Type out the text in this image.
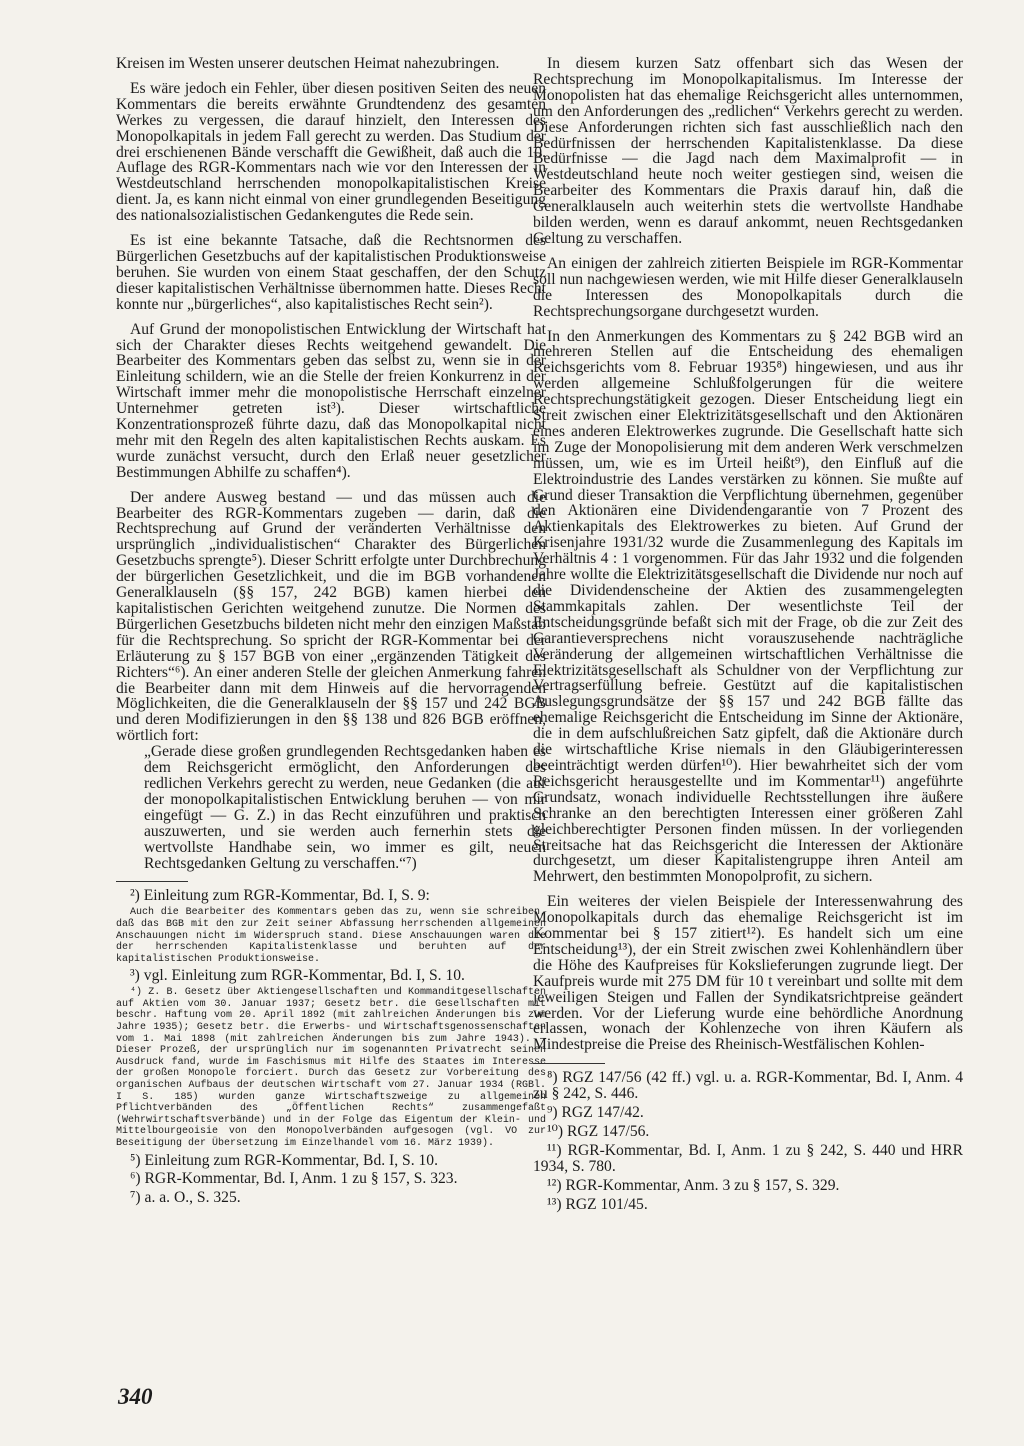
Kreisen im Westen unserer deutschen Heimat nahezubringen.

Es wäre jedoch ein Fehler, über diesen positiven Seiten des neuen Kommentars die bereits erwähnte Grundtendenz des gesamten Werkes zu vergessen, die darauf hinzielt, den Interessen des Monopolkapitals in jedem Fall gerecht zu werden. Das Studium der drei erschienenen Bände verschafft die Gewißheit, daß auch die 10. Auflage des RGR-Kommentars nach wie vor den Interessen der in Westdeutschland herrschenden monopolkapitalistischen Kreise dient. Ja, es kann nicht einmal von einer grundlegenden Beseitigung des nationalsozialistischen Gedankengutes die Rede sein.

Es ist eine bekannte Tatsache, daß die Rechtsnormen des Bürgerlichen Gesetzbuchs auf der kapitalistischen Produktionsweise beruhen. Sie wurden von einem Staat geschaffen, der den Schutz dieser kapitalistischen Verhältnisse übernommen hatte. Dieses Recht konnte nur „bürgerliches“, also kapitalistisches Recht sein²).

Auf Grund der monopolistischen Entwicklung der Wirtschaft hat sich der Charakter dieses Rechts weitgehend gewandelt. Die Bearbeiter des Kommentars geben das selbst zu, wenn sie in der Einleitung schildern, wie an die Stelle der freien Konkurrenz in der Wirtschaft immer mehr die monopolistische Herrschaft einzelner Unternehmer getreten ist³). Dieser wirtschaftliche Konzentrationsprozeß führte dazu, daß das Monopolkapital nicht mehr mit den Regeln des alten kapitalistischen Rechts auskam. Es wurde zunächst versucht, durch den Erlaß neuer gesetzlicher Bestimmungen Abhilfe zu schaffen⁴).

Der andere Ausweg bestand — und das müssen auch die Bearbeiter des RGR-Kommentars zugeben — darin, daß die Rechtsprechung auf Grund der veränderten Verhältnisse den ursprünglich „individualistischen“ Charakter des Bürgerlichen Gesetzbuchs sprengte⁵). Dieser Schritt erfolgte unter Durchbrechung der bürgerlichen Gesetzlichkeit, und die im BGB vorhandenen Generalklauseln (§§ 157, 242 BGB) kamen hierbei den kapitalistischen Gerichten weitgehend zunutze. Die Normen des Bürgerlichen Gesetzbuchs bildeten nicht mehr den einzigen Maßstab für die Rechtsprechung. So spricht der RGR-Kommentar bei der Erläuterung zu § 157 BGB von einer „ergänzenden Tätigkeit des Richters“⁶). An einer anderen Stelle der gleichen Anmerkung fahren die Bearbeiter dann mit dem Hinweis auf die hervorragenden Möglichkeiten, die die Generalklauseln der §§ 157 und 242 BGB und deren Modifizierungen in den §§ 138 und 826 BGB eröffnen, wörtlich fort:

„Gerade diese großen grundlegenden Rechtsgedanken haben es dem Reichsgericht ermöglicht, den Anforderungen des redlichen Verkehrs gerecht zu werden, neue Gedanken (die auf der monopolkapitalistischen Entwicklung beruhen — von mir eingefügt — G. Z.) in das Recht einzuführen und praktisch auszuwerten, und sie werden auch fernerhin stets die wertvollste Handhabe sein, wo immer es gilt, neuen Rechtsgedanken Geltung zu verschaffen.“⁷)

²) Einleitung zum RGR-Kommentar, Bd. I, S. 9:

Auch die Bearbeiter des Kommentars geben das zu, wenn sie schreiben, daß das BGB mit den zur Zeit seiner Abfassung herrschenden allgemeinen Anschauungen nicht im Widerspruch stand. Diese Anschauungen waren die der herrschenden Kapitalistenklasse und beruhten auf der kapitalistischen Produktionsweise.

³) vgl. Einleitung zum RGR-Kommentar, Bd. I, S. 10.

⁴) Z. B. Gesetz über Aktiengesellschaften und Kommanditgesellschaften auf Aktien vom 30. Januar 1937; Gesetz betr. die Gesellschaften mit beschr. Haftung vom 20. April 1892 (mit zahlreichen Änderungen bis zum Jahre 1935); Gesetz betr. die Erwerbs- und Wirtschaftsgenossenschaften vom 1. Mai 1898 (mit zahlreichen Änderungen bis zum Jahre 1943). — Dieser Prozeß, der ursprünglich nur im sogenannten Privatrecht seinen Ausdruck fand, wurde im Faschismus mit Hilfe des Staates im Interesse der großen Monopole forciert. Durch das Gesetz zur Vorbereitung des organischen Aufbaus der deutschen Wirtschaft vom 27. Januar 1934 (RGBl. I S. 185) wurden ganze Wirtschaftszweige zu allgemeinen Pflichtverbänden des „Öffentlichen Rechts“ zusammengefaßt (Wehrwirtschaftsverbände) und in der Folge das Eigentum der Klein- und Mittelbourgeoisie von den Monopolverbänden aufgesogen (vgl. VO zur Beseitigung der Übersetzung im Einzelhandel vom 16. März 1939).

⁵) Einleitung zum RGR-Kommentar, Bd. I, S. 10.

⁶) RGR-Kommentar, Bd. I, Anm. 1 zu § 157, S. 323.

⁷) a. a. O., S. 325.

In diesem kurzen Satz offenbart sich das Wesen der Rechtsprechung im Monopolkapitalismus. Im Interesse der Monopolisten hat das ehemalige Reichsgericht alles unternommen, um den Anforderungen des „redlichen“ Verkehrs gerecht zu werden. Diese Anforderungen richten sich fast ausschließlich nach den Bedürfnissen der herrschenden Kapitalistenklasse. Da diese Bedürfnisse — die Jagd nach dem Maximalprofit — in Westdeutschland heute noch weiter gestiegen sind, weisen die Bearbeiter des Kommentars die Praxis darauf hin, daß die Generalklauseln auch weiterhin stets die wertvollste Handhabe bilden werden, wenn es darauf ankommt, neuen Rechtsgedanken Geltung zu verschaffen.

An einigen der zahlreich zitierten Beispiele im RGR-Kommentar soll nun nachgewiesen werden, wie mit Hilfe dieser Generalklauseln die Interessen des Monopolkapitals durch die Rechtsprechungsorgane durchgesetzt wurden.

In den Anmerkungen des Kommentars zu § 242 BGB wird an mehreren Stellen auf die Entscheidung des ehemaligen Reichsgerichts vom 8. Februar 1935⁸) hingewiesen, und aus ihr werden allgemeine Schlußfolgerungen für die weitere Rechtsprechungstätigkeit gezogen. Dieser Entscheidung liegt ein Streit zwischen einer Elektrizitätsgesellschaft und den Aktionären eines anderen Elektrowerkes zugrunde. Die Gesellschaft hatte sich im Zuge der Monopolisierung mit dem anderen Werk verschmelzen müssen, um, wie es im Urteil heißt⁹), den Einfluß auf die Elektroindustrie des Landes verstärken zu können. Sie mußte auf Grund dieser Transaktion die Verpflichtung übernehmen, gegenüber den Aktionären eine Dividendengarantie von 7 Prozent des Aktienkapitals des Elektrowerkes zu bieten. Auf Grund der Krisenjahre 1931/32 wurde die Zusammenlegung des Kapitals im Verhältnis 4 : 1 vorgenommen. Für das Jahr 1932 und die folgenden Jahre wollte die Elektrizitätsgesellschaft die Dividende nur noch auf die Dividendenscheine der Aktien des zusammengelegten Stammkapitals zahlen. Der wesentlichste Teil der Entscheidungsgründe befaßt sich mit der Frage, ob die zur Zeit des Garantieversprechens nicht vorauszusehende nachträgliche Veränderung der allgemeinen wirtschaftlichen Verhältnisse die Elektrizitätsgesellschaft als Schuldner von der Verpflichtung zur Vertragserfüllung befreie. Gestützt auf die kapitalistischen Auslegungsgrundsätze der §§ 157 und 242 BGB fällte das ehemalige Reichsgericht die Entscheidung im Sinne der Aktionäre, die in dem aufschlußreichen Satz gipfelt, daß die Aktionäre durch die wirtschaftliche Krise niemals in den Gläubigerinteressen beeinträchtigt werden dürfen¹⁰). Hier bewahrheitet sich der vom Reichsgericht herausgestellte und im Kommentar¹¹) angeführte Grundsatz, wonach individuelle Rechtsstellungen ihre äußere Schranke an den berechtigten Interessen einer größeren Zahl gleichberechtigter Personen finden müssen. In der vorliegenden Streitsache hat das Reichsgericht die Interessen der Aktionäre durchgesetzt, um dieser Kapitalistengruppe ihren Anteil am Mehrwert, den bestimmten Monopolprofit, zu sichern.

Ein weiteres der vielen Beispiele der Interessenwahrung des Monopolkapitals durch das ehemalige Reichsgericht ist im Kommentar bei § 157 zitiert¹²). Es handelt sich um eine Entscheidung¹³), der ein Streit zwischen zwei Kohlenhändlern über die Höhe des Kaufpreises für Kokslieferungen zugrunde liegt. Der Kaufpreis wurde mit 275 DM für 10 t vereinbart und sollte mit dem jeweiligen Steigen und Fallen der Syndikatsrichtpreise geändert werden. Vor der Lieferung wurde eine behördliche Anordnung erlassen, wonach der Kohlenzeche von ihren Käufern als Mindestpreise die Preise des Rheinisch-Westfälischen Kohlen-

⁸) RGZ 147/56 (42 ff.) vgl. u. a. RGR-Kommentar, Bd. I, Anm. 4 zu § 242, S. 446.

⁹) RGZ 147/42.

¹⁰) RGZ 147/56.

¹¹) RGR-Kommentar, Bd. I, Anm. 1 zu § 242, S. 440 und HRR 1934, S. 780.

¹²) RGR-Kommentar, Anm. 3 zu § 157, S. 329.

¹³) RGZ 101/45.

340
